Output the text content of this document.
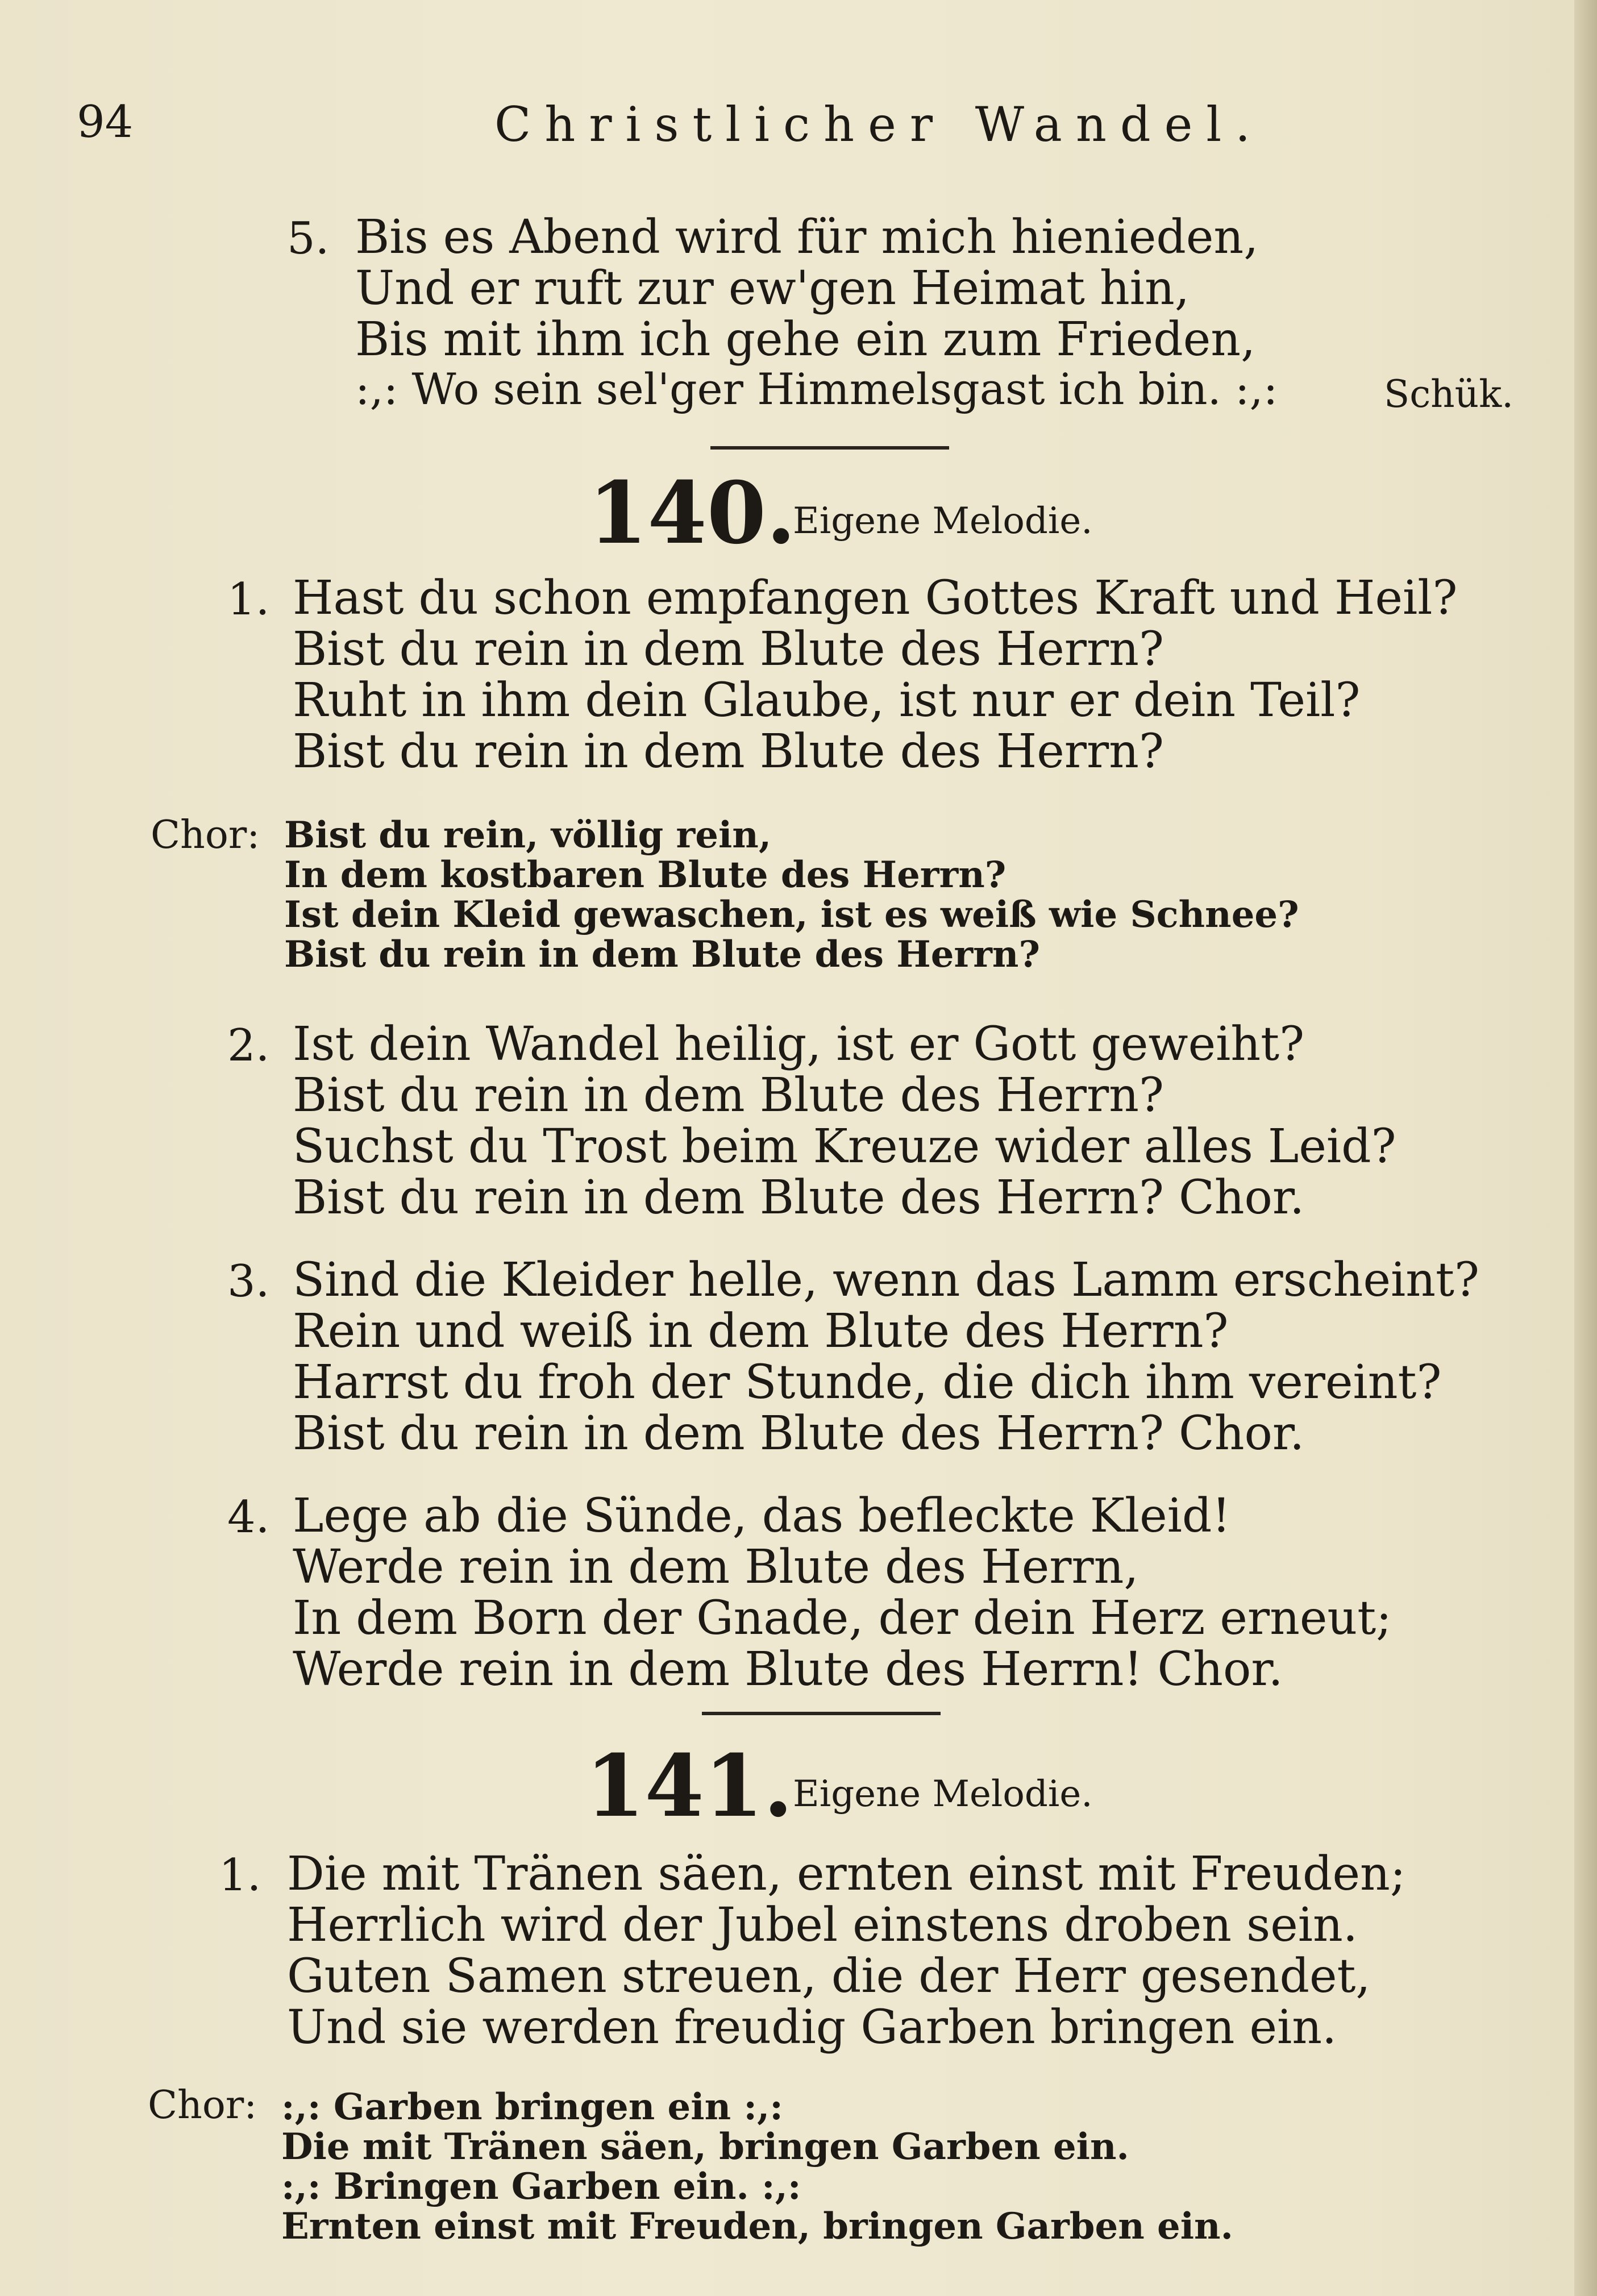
94	Christlicher Wandel.
5. Bis es Abend wird für mich hienieden,
Und er ruft zur ew'gen Heimat hin,
Bis mit ihm ich gehe ein zum Frieden,
:,: Wo sein sel'ger Himmelsgast ich bin. :,:	Schük.
140.
Eigene Melodie.
1. Hast du schon empfangen Gottes Kraft und Heil?
Bist du rein in dem Blute des Herrn?
Ruht in ihm dein Glaube, ist nur er dein Teil?
Bist du rein in dem Blute des Herrn?
Chor: Bist du rein, völlig rein,
In dem kostbaren Blute des Herrn?
Ist dein Kleid gewaschen, ist es weiß wie Schnee?
Bist du rein in dem Blute des Herrn?
2. Ist dein Wandel heilig, ist er Gott geweiht?
Bist du rein in dem Blute des Herrn?
Suchst du Trost beim Kreuze wider alles Leid?
Bist du rein in dem Blute des Herrn? Chor.
3. Sind die Kleider helle, wenn das Lamm erscheint?
Rein und weiß in dem Blute des Herrn?
Harrst du froh der Stunde, die dich ihm vereint?
Bist du rein in dem Blute des Herrn? Chor.
4. Lege ab die Sünde, das befleckte Kleid!
Werde rein in dem Blute des Herrn,
In dem Born der Gnade, der dein Herz erneut;
Werde rein in dem Blute des Herrn! Chor.
141. Eigene Melodie.
1. Die mit Tränen säen, ernten einst mit Freuden;
Herrlich wird der Jubel einstens droben sein.
Guten Samen streuen, die der Herr gesendet,
Und sie werden freudig Garben bringen ein.
Chor: :,: Garben bringen ein :,:
Die mit Tränen säen, bringen Garben ein.
:,: Bringen Garben ein. :,:
Ernten einst mit Freuden, bringen Garben ein.
